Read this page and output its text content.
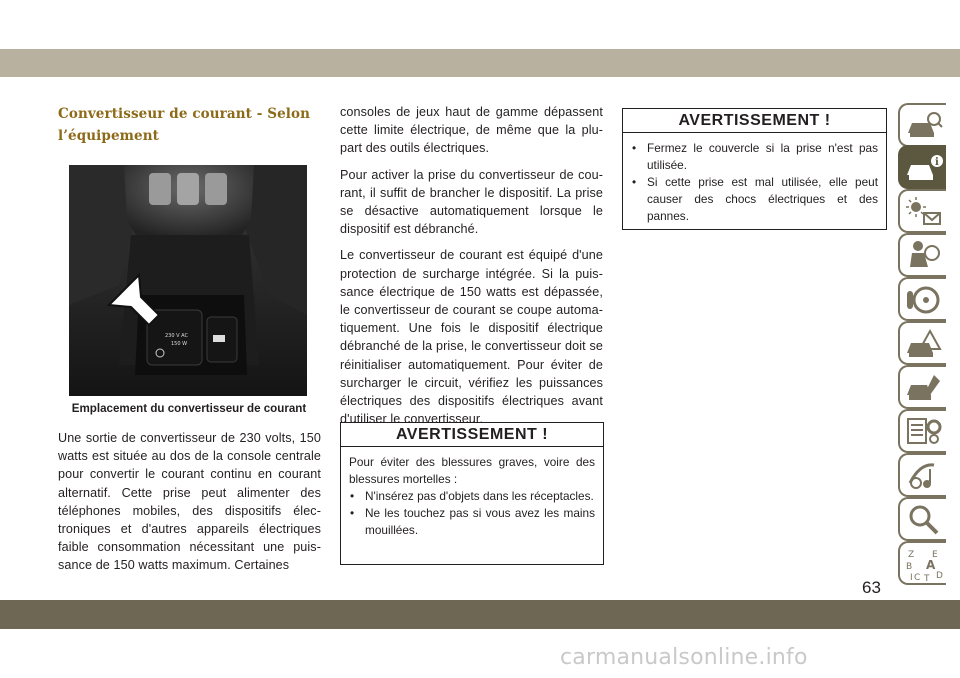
Convertisseur de courant - Selon
l’équipement
230 V AC
150 W
Emplacement du convertisseur de courant

Une sortie de convertisseur de 230 volts, 150 watts est située au dos de la console centrale pour convertir le courant continu en courant alternatif. Cette prise peut alimenter des téléphones mobiles, des dispositifs élec-troniques et d'autres appareils électriques faible consommation nécessitant une puis-sance de 150 watts maximum. Certaines

consoles de jeux haut de gamme dépassent cette limite électrique, de même que la plu-part des outils électriques.

Pour activer la prise du convertisseur de cou-rant, il suffit de brancher le dispositif. La prise se désactive automatiquement lorsque le dispositif est débranché.

Le convertisseur de courant est équipé d'une protection de surcharge intégrée. Si la puis-sance électrique de 150 watts est dépassée, le convertisseur de courant se coupe automa-tiquement. Une fois le dispositif électrique débranché de la prise, le convertisseur doit se réinitialiser automatiquement. Pour éviter de surcharger le circuit, vérifiez les puissances électriques des dispositifs électriques avant d'utiliser le convertisseur.

AVERTISSEMENT !
Pour éviter des blessures graves, voire des blessures mortelles :
• N'insérez pas d'objets dans les réceptacles.
• Ne les touchez pas si vous avez les mains mouillées.
AVERTISSEMENT !
• Fermez le couvercle si la prise n'est pas utilisée.
• Si cette prise est mal utilisée, elle peut causer des chocs électriques et des pannes.
i
Z E
B A
C D
I T
63
carmanualsonline.info
